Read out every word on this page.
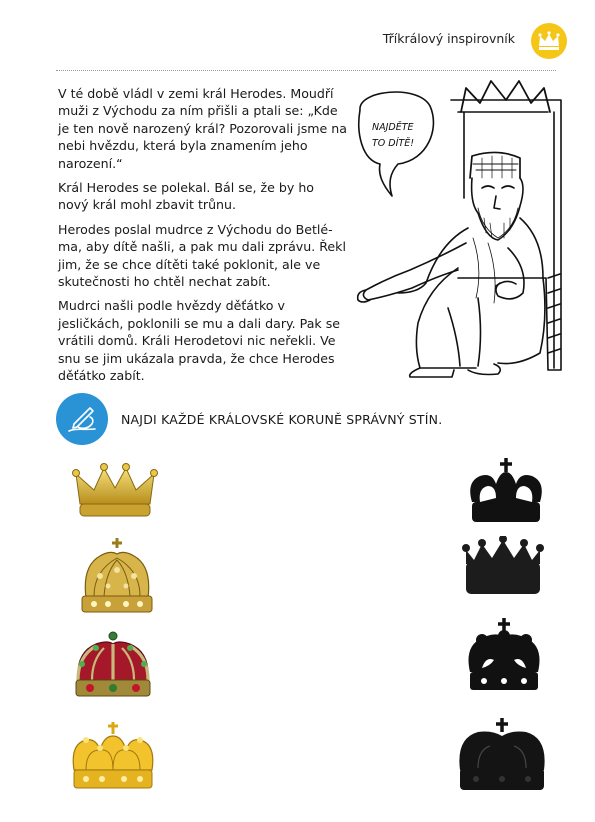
Tříkrálový inspirovník

V té době vládl v zemi král Herodes. Moudří muži z Východu za ním přišli a ptali se: „Kde je ten nově narozený král? Pozorovali jsme na nebi hvězdu, která byla znamením jeho narození.“

Král Herodes se polekal. Bál se, že by ho nový král mohl zbavit trůnu.

Herodes poslal mudrce z Východu do Betlé-ma, aby dítě našli, a pak mu dali zprávu. Řekl jim, že se chce dítěti také poklonit, ale ve skutečnosti ho chtěl nechat zabít.

Mudrci našli podle hvězdy děťátko v jesličkách, poklonili se mu a dali dary. Pak se vrátili domů. Králi Herodetovi nic neřekli. Ve snu se jim ukázala pravda, že chce Herodes děťátko zabít.

NAJDĚTE
TO DÍTĚ!
NAJDI KAŽDÉ KRÁLOVSKÉ KORUNĚ SPRÁVNÝ STÍN.
